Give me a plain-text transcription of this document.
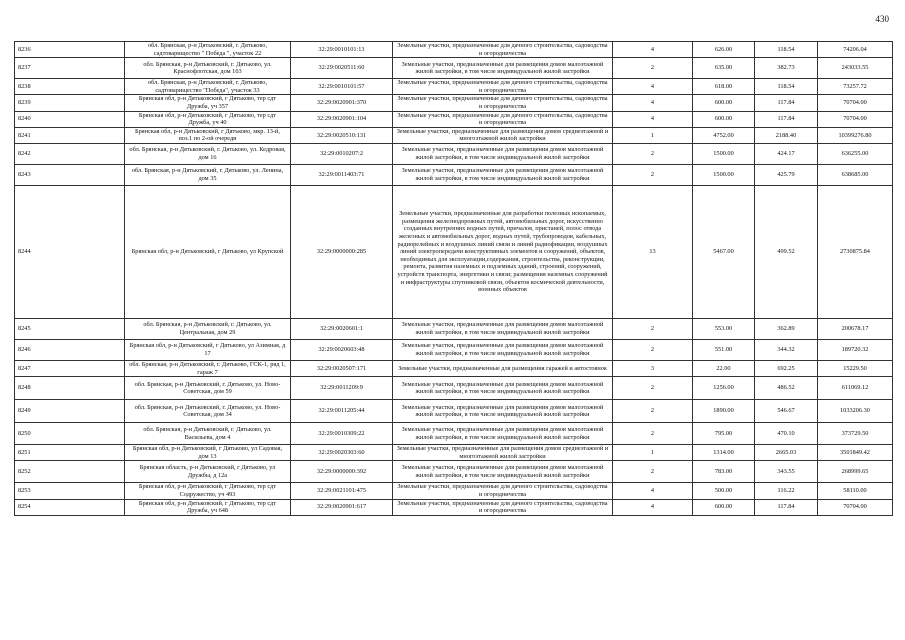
430
8236	обл. Брянская, р-н Дятьковский, г. Дятьково, садтоварищество " Победа ", участок 22	32:29:0010101:13	Земельные участки, предназначенные для дачного строительства, садоводства и огородничества	4	626.00	118.54	74206.04
8237	обл. Брянская, р-н Дятьковский, г. Дятьково, ул. Краснофлотская, дом 103	32:29:0020511:60	Земельные участки, предназначенные для размещения домов малоэтажной жилой застройки, в том числе индивидуальной жилой застройки	2	635.00	382.73	243033.55
8238	обл. Брянская, р-н Дятьковский, г. Дятьково, садтоварищество "Победа", участок 33	32:29:0010101:57	Земельные участки, предназначенные для дачного строительства, садоводства и огородничества	4	618.00	118.54	73257.72
8239	Брянская обл, р-н Дятьковский, г Дятьково, тер сдт Дружба, уч 357	32:29:0020901:370	Земельные участки, предназначенные для дачного строительства, садоводства и огородничества	4	600.00	117.84	70704.00
8240	Брянская обл, р-н Дятьковский, г Дятьково, тер сдт Дружба, уч 40	32:29:0020901:104	Земельные участки, предназначенные для дачного строительства, садоводства и огородничества	4	600.00	117.84	70704.00
8241	Брянская обл, р-н Дятьковский, г Дятьково, мкр. 13-й, поз.1 по 2-ой очереди	32:29:0020510:131	Земельные участки, предназначенные для размещения домов среднеэтажной и многоэтажной жилой застройки	1	4752.00	2188.40	10399276.80
8242	обл. Брянская, р-н Дятьковский, г. Дятьково, ул. Кедровая, дом 16	32:29:0010207:2	Земельные участки, предназначенные для размещения домов малоэтажной жилой застройки, в том числе индивидуальной жилой застройки	2	1500.00	424.17	636255.00
8243	обл. Брянская, р-н Дятьковский, г. Дятьково, ул. Ленина, дом 35	32:29:0011403:71	Земельные участки, предназначенные для размещения домов малоэтажной жилой застройки, в том числе индивидуальной жилой застройки	2	1500.00	425.79	638685.00
8244	Брянская обл, р-н Дятьковский, г Дятьково, ул Крупской	32:29:0000000:285	Земельные участки, предназначенные для разработки полезных ископаемых, размещения железнодорожных путей, автомобильных дорог, искусственно созданных внутренних водных путей, причалов, пристаней, полос отвода железных и автомобильных дорог, водных путей, трубопроводов, кабельных, радиорелейных и воздушных линий связи и линий радиофикации, воздушных линий электропередачи конструктивных элементов и сооружений, объектов, необходимых для эксплуатации,содержания, строительства, реконструкции, ремонта, развития наземных и подземных зданий, строений, сооружений, устройств транспорта, энергетики и связи; размещения наземных сооружений и инфраструктуры спутниковой связи, объектов космической деятельности, военных объектов	13	5467.00	499.52	2730875.84
8245	обл. Брянская, р-н Дятьковский, г. Дятьково, ул. Центральная, дом 29	32:29:0020601:1	Земельные участки, предназначенные для размещения домов малоэтажной жилой застройки, в том числе индивидуальной жилой застройки	2	553.00	362.89	200678.17
8246	Брянская обл, р-н Дятьковский, г Дятьково, ул Азимная, д 17	32:29:0020603:48	Земельные участки, предназначенные для размещения домов малоэтажной жилой застройки, в том числе индивидуальной жилой застройки	2	551.00	344.32	189720.32
8247	обл. Брянская, р-н Дятьковский, г. Дятьково, ГСК-1, ряд 1, гараж 7	32:29:0020507:171	Земельные участки, предназначенные для размещения гаражей и автостоянок	3	22.00	692.25	15229.50
8248	обл. Брянская, р-н Дятьковский, г. Дятьково, ул. Ново-Советская, дом 59	32:29:0011209:9	Земельные участки, предназначенные для размещения домов малоэтажной жилой застройки, в том числе индивидуальной жилой застройки	2	1256.00	486.52	611069.12
8249	обл. Брянская, р-н Дятьковский, г. Дятьково, ул. Ново-Советская, дом 34	32:29:0011205:44	Земельные участки, предназначенные для размещения домов малоэтажной жилой застройки, в том числе индивидуальной жилой застройки	2	1890.00	546.67	1033206.30
8250	обл. Брянская, р-н Дятьковский, г. Дятьково, ул. Васильева, дом 4	32:29:0010309:22	Земельные участки, предназначенные для размещения домов малоэтажной жилой застройки, в том числе индивидуальной жилой застройки	2	795.00	470.10	373729.50
8251	Брянская обл, р-н Дятьковский, г Дятьково, ул Садовая, дом 13	32:29:0020303:60	Земельные участки, предназначенные для размещения домов среднеэтажной и многоэтажной жилой застройки	1	1314.00	2665.03	3501849.42
8252	Брянская область, р-н Дятьковский, г Дятьково, ул Дружбы, д 12а	32:29:0000000:392	Земельные участки, предназначенные для размещения домов малоэтажной жилой застройки, в том числе индивидуальной жилой застройки	2	783.00	343.55	268999.65
8253	Брянская обл, р-н Дятьковский, г Дятьково, тер сдт Содружество, уч 493	32:29:0021101:475	Земельные участки, предназначенные для дачного строительства, садоводства и огородничества	4	500.00	116.22	58110.00
8254	Брянская обл, р-н Дятьковский, г Дятьково, тер сдт Дружба, уч 648	32:29:0020901:617	Земельные участки, предназначенные для дачного строительства, садоводства и огородничества	4	600.00	117.84	70704.00
